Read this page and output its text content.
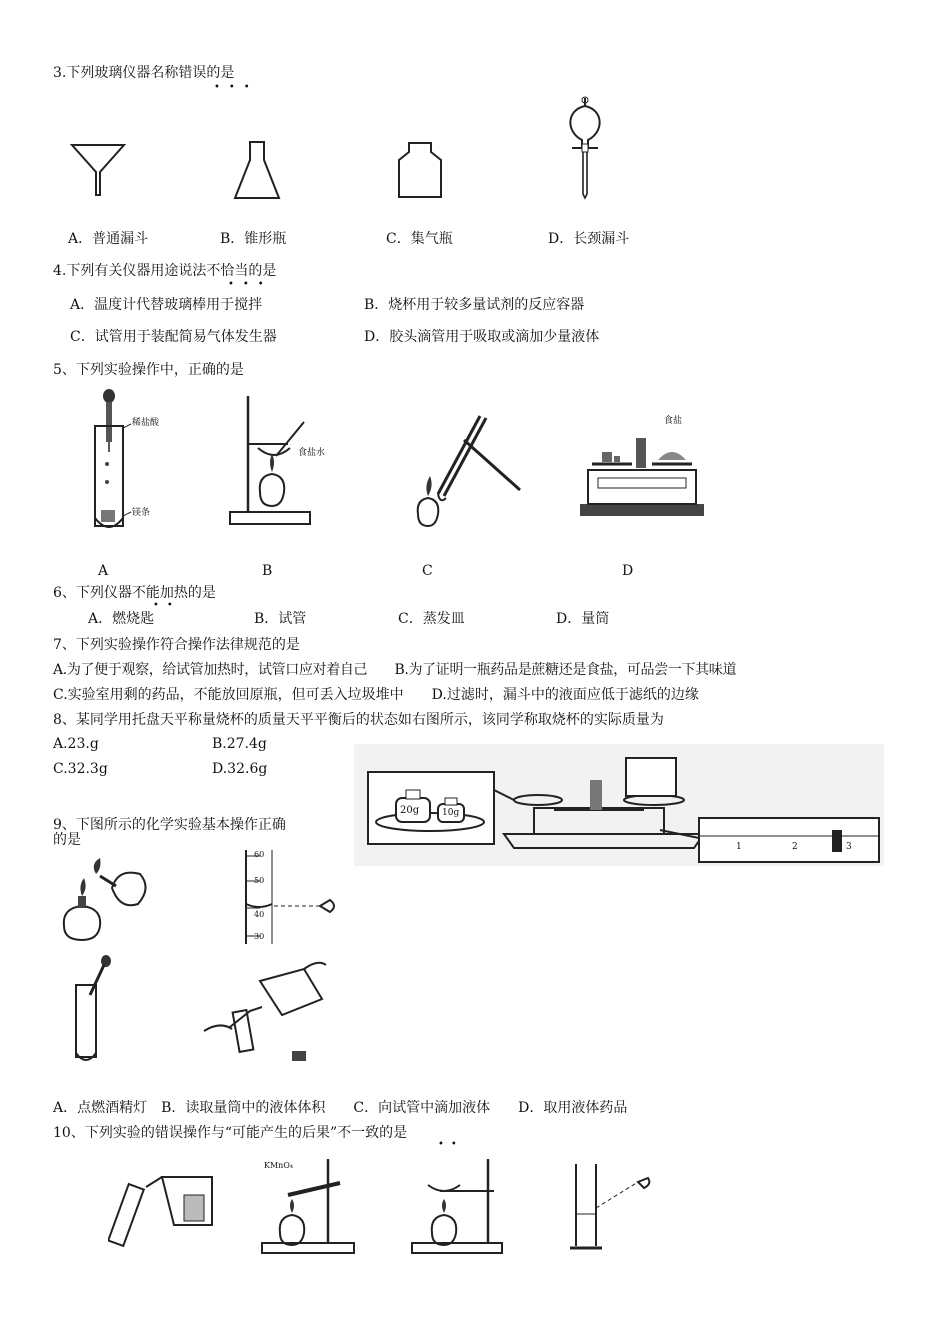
3.下列玻璃仪器名称错误的是
•••
A．普通漏斗	B．锥形瓶	C．集气瓶	D．长颈漏斗
4.下列有关仪器用途说法不恰当的是
•••
A．温度计代替玻璃棒用于搅拌	B．烧杯用于较多量试剂的反应容器
C．试管用于装配简易气体发生器	D．胶头滴管用于吸取或滴加少量液体
5、下列实验操作中，正确的是
稀盐酸
镁条
食盐水
食盐
A	B	C	D
6、下列仪器不能加热的是
••
A．燃烧匙	B．试管	C．蒸发皿	D．量筒
7、下列实验操作符合操作法律规范的是
A.为了便于观察，给试管加热时，试管口应对着自己　　B.为了证明一瓶药品是蔗糖还是食盐，可品尝一下其味道
C.实验室用剩的药品，不能放回原瓶，但可丢入垃圾堆中　　D.过滤时，漏斗中的液面应低于滤纸的边缘
8、某同学用托盘天平称量烧杯的质量天平平衡后的状态如右图所示，该同学称取烧杯的实际质量为
A.23.g	B.27.4g
C.32.3g	D.32.6g
20g	10g
1	2	3
9、下图所示的化学实验基本操作正确
的是
60
50
40
30
A．点燃酒精灯　B．读取量筒中的液体体积　　C．向试管中滴加液体　　D．取用液体药品
10、下列实验的错误操作与“可能产生的后果”不一致的是
••
KMnO₄
